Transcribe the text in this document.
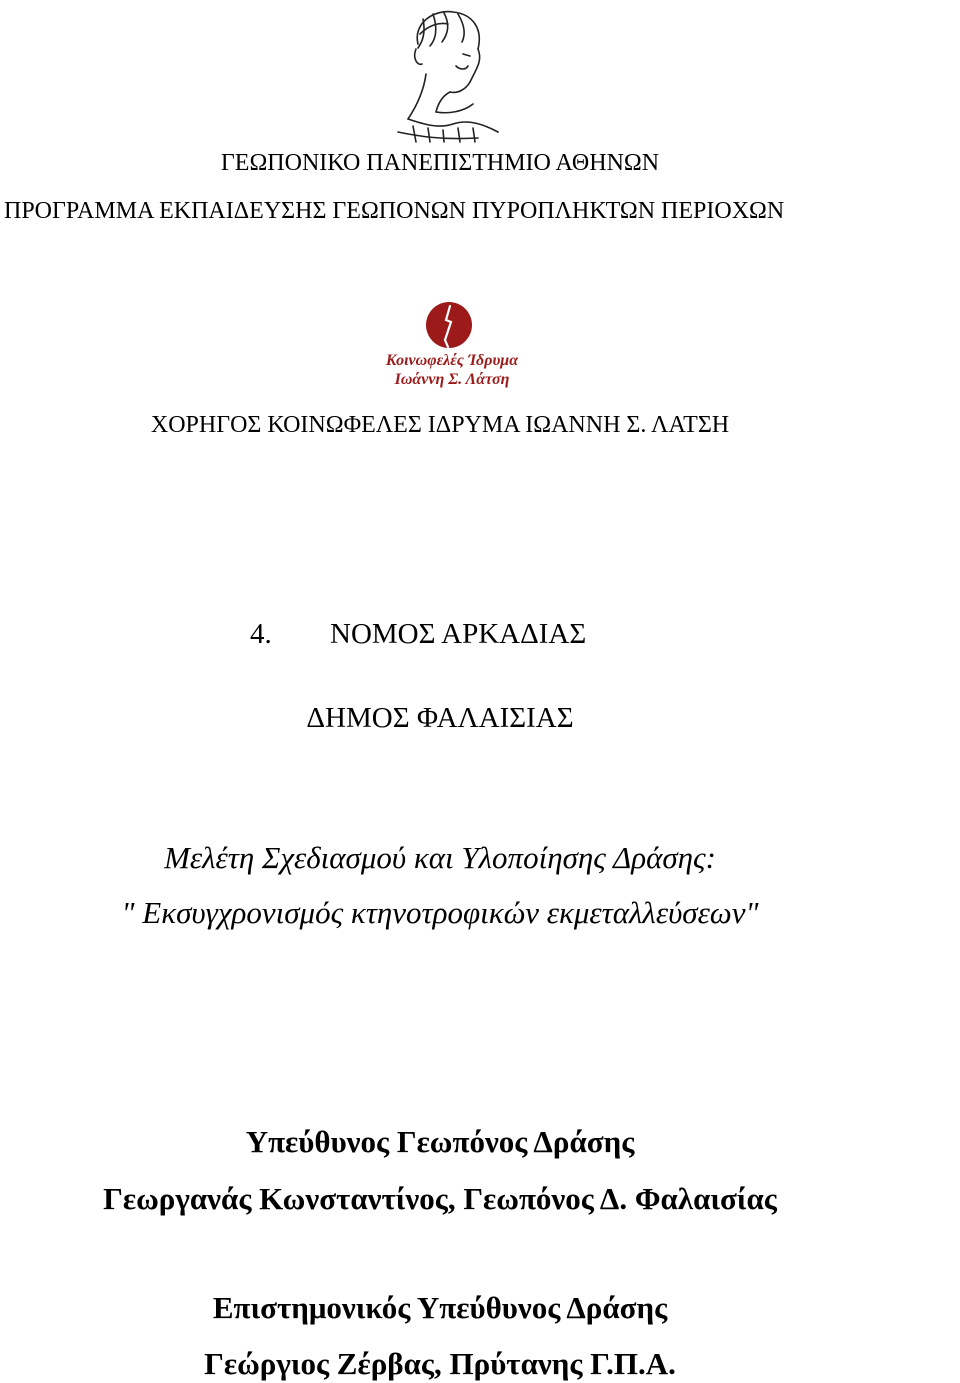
ΓΕΩΠΟΝΙΚΟ ΠΑΝΕΠΙΣΤΗΜΙΟ ΑΘΗΝΩΝ
ΠΡΟΓΡΑΜΜΑ ΕΚΠΑΙΔΕΥΣΗΣ ΓΕΩΠΟΝΩΝ ΠΥΡΟΠΛΗΚΤΩΝ ΠΕΡΙΟΧΩΝ
Κοινωφελές Ίδρυμα
Ιωάννη Σ. Λάτση
ΧΟΡΗΓΟΣ ΚΟΙΝΩΦΕΛΕΣ ΙΔΡΥΜΑ ΙΩΑΝΝΗ Σ. ΛΑΤΣΗ
4. ΝΟΜΟΣ ΑΡΚΑΔΙΑΣ
ΔΗΜΟΣ ΦΑΛΑΙΣΙΑΣ
Μελέτη Σχεδιασμού και Υλοποίησης Δράσης:
" Εκσυγχρονισμός κτηνοτροφικών εκμεταλλεύσεων"
Υπεύθυνος Γεωπόνος Δράσης
Γεωργανάς Κωνσταντίνος, Γεωπόνος Δ. Φαλαισίας
Επιστημονικός Υπεύθυνος Δράσης
Γεώργιος Ζέρβας, Πρύτανης Γ.Π.Α.
